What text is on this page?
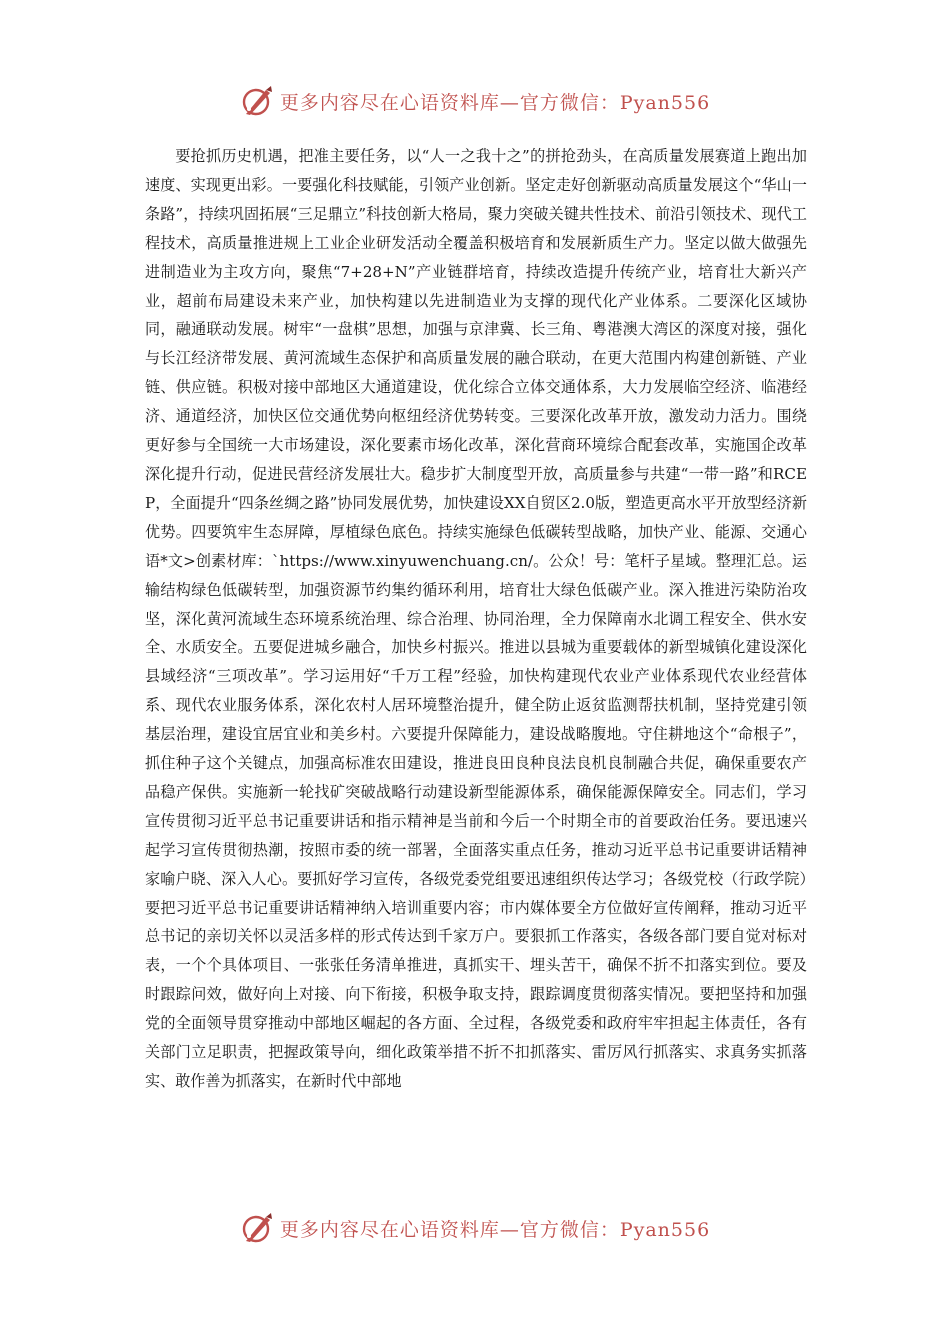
更多内容尽在心语资料库—官方微信：Pyan556

要抢抓历史机遇，把准主要任务，以“人一之我十之”的拼抢劲头，在高质量发展赛道上跑出加速度、实现更出彩。一要强化科技赋能，引领产业创新。坚定走好创新驱动高质量发展这个“华山一条路”，持续巩固拓展“三足鼎立”科技创新大格局，聚力突破关键共性技术、前沿引领技术、现代工程技术，高质量推进规上工业企业研发活动全覆盖积极培育和发展新质生产力。坚定以做大做强先进制造业为主攻方向，聚焦“7+28+N”产业链群培育，持续改造提升传统产业，培育壮大新兴产业，超前布局建设未来产业，加快构建以先进制造业为支撑的现代化产业体系。二要深化区域协同，融通联动发展。树牢“一盘棋”思想，加强与京津冀、长三角、粤港澳大湾区的深度对接，强化与长江经济带发展、黄河流域生态保护和高质量发展的融合联动，在更大范围内构建创新链、产业链、供应链。积极对接中部地区大通道建设，优化综合立体交通体系，大力发展临空经济、临港经济、通道经济，加快区位交通优势向枢纽经济优势转变。三要深化改革开放，激发动力活力。围绕更好参与全国统一大市场建设，深化要素市场化改革，深化营商环境综合配套改革，实施国企改革深化提升行动，促进民营经济发展壮大。稳步扩大制度型开放，高质量参与共建“一带一路”和RCEP，全面提升“四条丝绸之路”协同发展优势，加快建设XX自贸区2.0版，塑造更高水平开放型经济新优势。四要筑牢生态屏障，厚植绿色底色。持续实施绿色低碳转型战略，加快产业、能源、交通心语*文>创素材库：`https://www.xinyuwenchuang.cn/。公众！号：笔杆子星域。整理汇总。运输结构绿色低碳转型，加强资源节约集约循环利用，培育壮大绿色低碳产业。深入推进污染防治攻坚，深化黄河流域生态环境系统治理、综合治理、协同治理，全力保障南水北调工程安全、供水安全、水质安全。五要促进城乡融合，加快乡村振兴。推进以县城为重要载体的新型城镇化建设深化县域经济“三项改革”。学习运用好“千万工程”经验，加快构建现代农业产业体系现代农业经营体系、现代农业服务体系，深化农村人居环境整治提升，健全防止返贫监测帮扶机制，坚持党建引领基层治理，建设宜居宜业和美乡村。六要提升保障能力，建设战略腹地。守住耕地这个“命根子”，抓住种子这个关键点，加强高标准农田建设，推进良田良种良法良机良制融合共促，确保重要农产品稳产保供。实施新一轮找矿突破战略行动建设新型能源体系，确保能源保障安全。同志们，学习宣传贯彻习近平总书记重要讲话和指示精神是当前和今后一个时期全市的首要政治任务。要迅速兴起学习宣传贯彻热潮，按照市委的统一部署，全面落实重点任务，推动习近平总书记重要讲话精神家喻户晓、深入人心。要抓好学习宣传，各级党委党组要迅速组织传达学习；各级党校（行政学院）要把习近平总书记重要讲话精神纳入培训重要内容；市内媒体要全方位做好宣传阐释，推动习近平总书记的亲切关怀以灵活多样的形式传达到千家万户。要狠抓工作落实，各级各部门要自觉对标对表，一个个具体项目、一张张任务清单推进，真抓实干、埋头苦干，确保不折不扣落实到位。要及时跟踪问效，做好向上对接、向下衔接，积极争取支持，跟踪调度贯彻落实情况。要把坚持和加强党的全面领导贯穿推动中部地区崛起的各方面、全过程，各级党委和政府牢牢担起主体责任，各有关部门立足职责，把握政策导向，细化政策举措不折不扣抓落实、雷厉风行抓落实、求真务实抓落实、敢作善为抓落实，在新时代中部地

更多内容尽在心语资料库—官方微信：Pyan556
